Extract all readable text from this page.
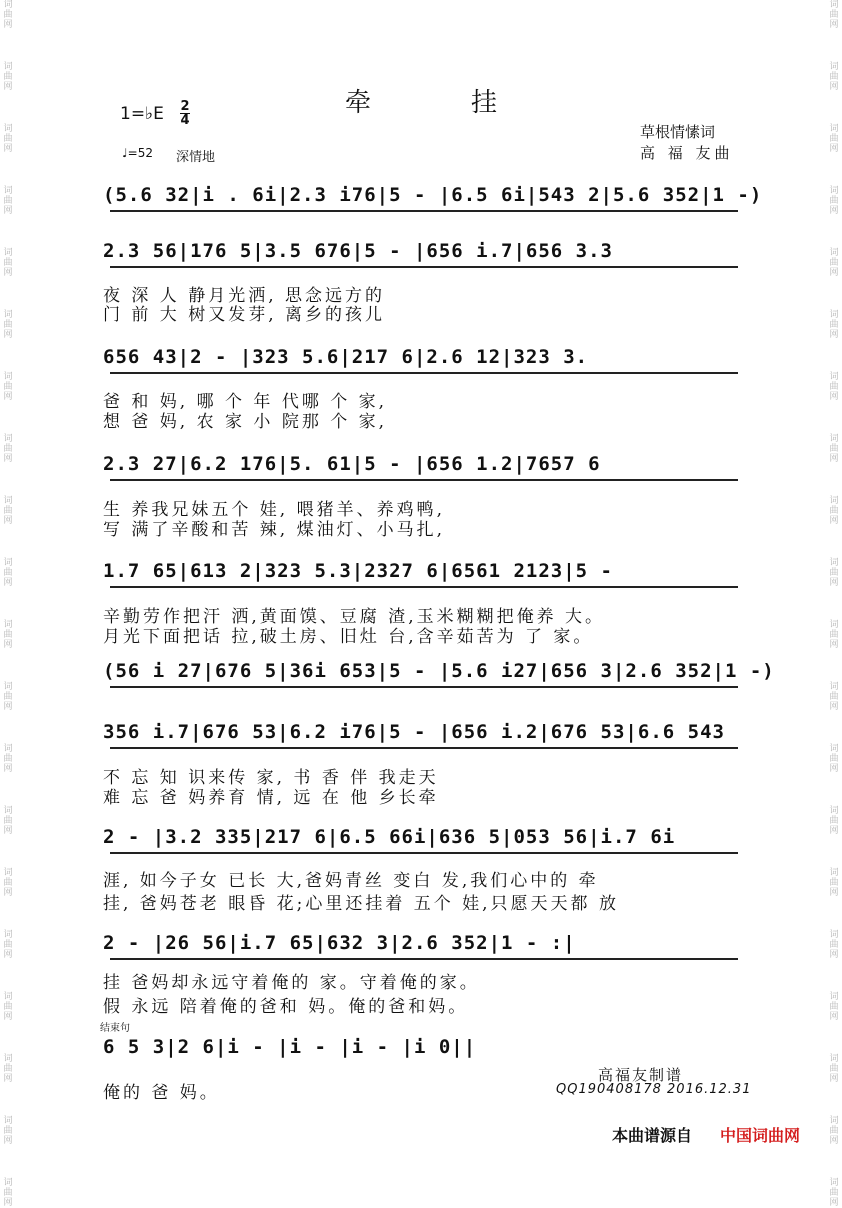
词曲网
词曲网
词曲网
词曲网
词曲网
词曲网
词曲网
词曲网
词曲网
词曲网
词曲网
词曲网
词曲网
词曲网
词曲网
词曲网
词曲网
词曲网
词曲网
词曲网
词曲网
词曲网
词曲网
词曲网
词曲网
词曲网
词曲网
词曲网
词曲网
词曲网
词曲网
词曲网
词曲网
词曲网
词曲网
词曲网
词曲网
词曲网
词曲网
词曲网
牵挂
1=♭E 2
4
♩=52 深情地
草根情愫词
高 福 友曲
(5.6 32|i . 6i|2.3 i76|5 - |6.5 6i|543 2|5.6 352|1 -)
2.3 56|176 5|3.5 676|5 - |656 i.7|656 3.3
夜 深 人 静月光洒, 思念远方的
门 前 大 树又发芽, 离乡的孩儿
656 43|2 - |323 5.6|217 6|2.6 12|323 3.
爸 和 妈, 哪 个 年 代哪 个 家,
想 爸 妈, 农 家 小 院那 个 家,
2.3 27|6.2 176|5. 61|5 - |656 1.2|7657 6
生 养我兄妹五个 娃, 喂猪羊、养鸡鸭,
写 满了辛酸和苦 辣, 煤油灯、小马扎,
1.7 65|613 2|323 5.3|2327 6|6561 2123|5 -
辛勤劳作把汗 洒,黄面馍、豆腐 渣,玉米糊糊把俺养 大。
月光下面把话 拉,破土房、旧灶 台,含辛茹苦为 了 家。
(56 i 27|676 5|36i 653|5 - |5.6 i27|656 3|2.6 352|1 -)
356 i.7|676 53|6.2 i76|5 - |656 i.2|676 53|6.6 543
不 忘 知 识来传 家, 书 香 伴 我走天
难 忘 爸 妈养育 情, 远 在 他 乡长牵
2 - |3.2 335|217 6|6.5 66i|636 5|053 56|i.7 6i
涯, 如今子女 已长 大,爸妈青丝 变白 发,我们心中的 牵
挂, 爸妈苍老 眼昏 花;心里还挂着 五个 娃,只愿天天都 放
2 - |26 56|i.7 65|632 3|2.6 352|1 - :|
挂 爸妈却永远守着俺的 家。守着俺的家。
假 永远 陪着俺的爸和 妈。俺的爸和妈。
结束句
6 5 3|2 6|i - |i - |i - |i 0||
俺的 爸 妈。
高福友制谱
QQ190408178 2016.12.31
本曲谱源自 中国词曲网
